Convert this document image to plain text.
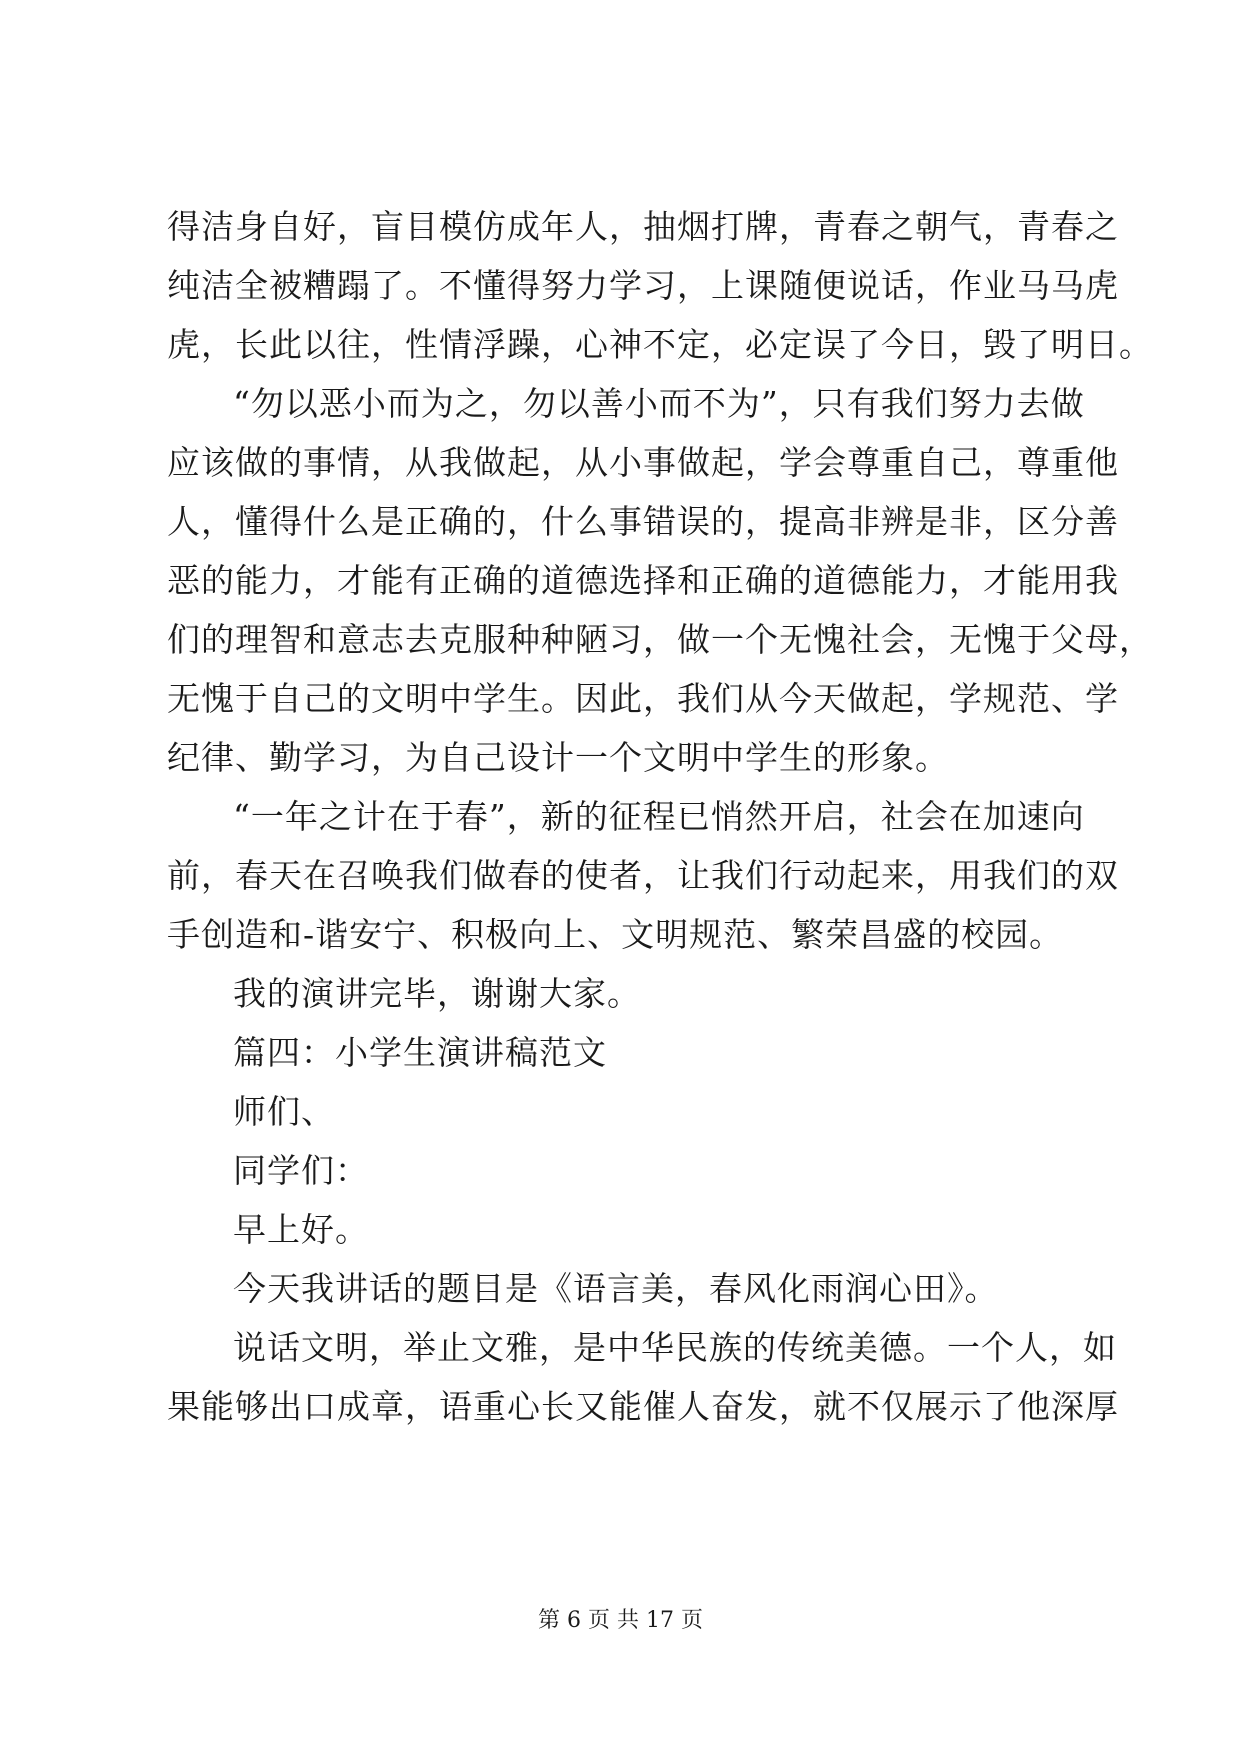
得洁身自好，盲目模仿成年人，抽烟打牌，青春之朝气，青春之
纯洁全被糟蹋了。不懂得努力学习，上课随便说话，作业马马虎
虎，长此以往，性情浮躁，心神不定，必定误了今日，毁了明日。
“勿以恶小而为之，勿以善小而不为”，只有我们努力去做
应该做的事情，从我做起，从小事做起，学会尊重自己，尊重他
人，懂得什么是正确的，什么事错误的，提高非辨是非，区分善
恶的能力，才能有正确的道德选择和正确的道德能力，才能用我
们的理智和意志去克服种种陋习，做一个无愧社会，无愧于父母，
无愧于自己的文明中学生。因此，我们从今天做起，学规范、学
纪律、勤学习，为自己设计一个文明中学生的形象。
“一年之计在于春”，新的征程已悄然开启，社会在加速向
前，春天在召唤我们做春的使者，让我们行动起来，用我们的双
手创造和-谐安宁、积极向上、文明规范、繁荣昌盛的校园。
我的演讲完毕，谢谢大家。
篇四：小学生演讲稿范文
师们、
同学们：
早上好。
今天我讲话的题目是《语言美，春风化雨润心田》。
说话文明，举止文雅，是中华民族的传统美德。一个人，如
果能够出口成章，语重心长又能催人奋发，就不仅展示了他深厚
第 6 页 共 17 页
